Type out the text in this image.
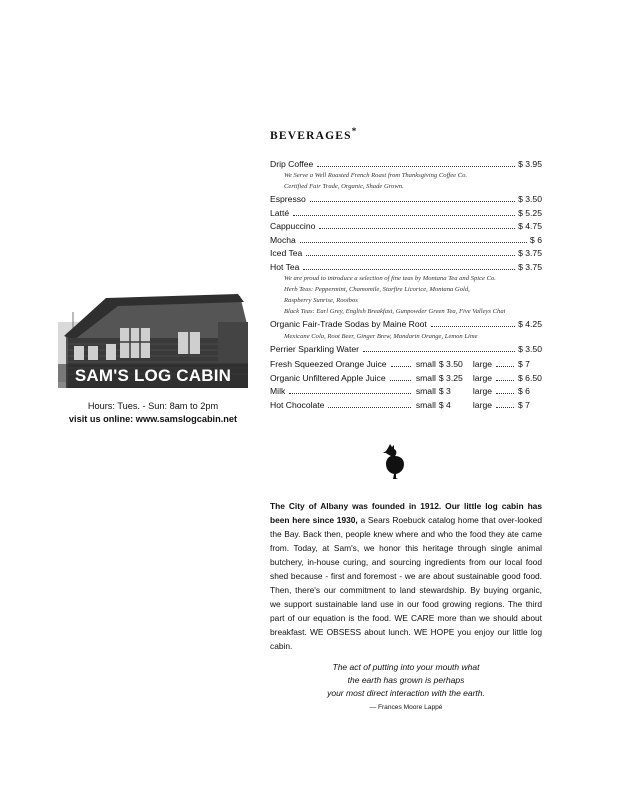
SAM'S LOG CABIN
Hours: Tues. - Sun: 8am to 2pm
visit us online: www.samslogcabin.net
BEVERAGES*
Drip Coffee	$ 3.95
We Serve a Well Roasted French Roast from Thanksgiving Coffee Co.
Certified Fair Trade, Organic, Shade Grown.
Espresso	$ 3.50
Latté	$ 5.25
Cappuccino	$ 4.75
Mocha	$ 6
Iced Tea	$ 3.75
Hot Tea	$ 3.75
We are proud to introduce a selection of fine teas by Montana Tea and Spice Co.
Herb Teas: Peppermint, Chamomile, Starfire Licorice, Montana Gold,
Raspberry Sunrise, Rooibos
Black Teas: Earl Grey, English Breakfast, Gunpowder Green Tea, Five Valleys Chai
Organic Fair-Trade Sodas by Maine Root	$ 4.25
Mexicane Cola, Root Beer, Ginger Brew, Mandarin Orange, Lemon Lime
Perrier Sparkling Water	$ 3.50
Fresh Squeezed Orange Juice	small $ 3.50 large	$ 7
Organic Unfiltered Apple Juice	small $ 3.25 large	$ 6.50
Milk	small $ 3	large	$ 6
Hot Chocolate	small $ 4	large	$ 7
The City of Albany was founded in 1912. Our little log cabin has been here since 1930, a Sears Roebuck catalog home that over-looked the Bay. Back then, people knew where and who the food they ate came from. Today, at Sam's, we honor this heritage through single animal butchery, in-house curing, and sourcing ingredients from our local food shed because - first and foremost - we are about sustainable good food. Then, there's our commitment to land stewardship. By buying organic, we support sustainable land use in our food growing regions. The third part of our equation is the food. WE CARE more than we should about breakfast. WE OBSESS about lunch. WE HOPE you enjoy our little log cabin.
The act of putting into your mouth what
the earth has grown is perhaps
your most direct interaction with the earth.
— Frances Moore Lappé
